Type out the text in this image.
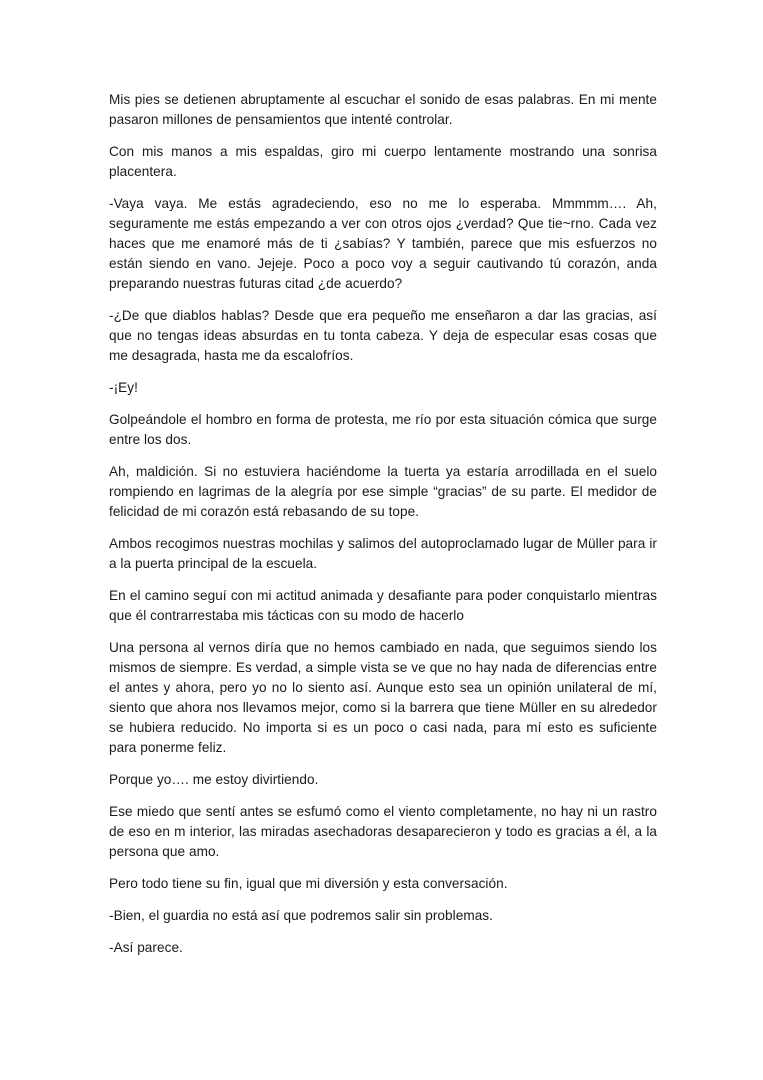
Mis pies se detienen abruptamente al escuchar el sonido de esas palabras. En mi mente pasaron millones de pensamientos que intenté controlar.

Con mis manos a mis espaldas, giro mi cuerpo lentamente mostrando una sonrisa placentera.

-Vaya vaya. Me estás agradeciendo, eso no me lo esperaba. Mmmmm…. Ah, seguramente me estás empezando a ver con otros ojos ¿verdad? Que tie~rno. Cada vez haces que me enamoré más de ti ¿sabías? Y también, parece que mis esfuerzos no están siendo en vano. Jejeje. Poco a poco voy a seguir cautivando tú corazón, anda preparando nuestras futuras citad ¿de acuerdo?

-¿De que diablos hablas? Desde que era pequeño me enseñaron a dar las gracias, así que no tengas ideas absurdas en tu tonta cabeza. Y deja de especular esas cosas que me desagrada, hasta me da escalofríos.

-¡Ey!

Golpeándole el hombro en forma de protesta, me río por esta situación cómica que surge entre los dos.

Ah, maldición. Si no estuviera haciéndome la tuerta ya estaría arrodillada en el suelo rompiendo en lagrimas de la alegría por ese simple “gracias” de su parte. El medidor de felicidad de mi corazón está rebasando de su tope.

Ambos recogimos nuestras mochilas y salimos del autoproclamado lugar de Müller para ir a la puerta principal de la escuela.

En el camino seguí con mi actitud animada y desafiante para poder conquistarlo mientras que él contrarrestaba mis tácticas con su modo de hacerlo

Una persona al vernos diría que no hemos cambiado en nada, que seguimos siendo los mismos de siempre. Es verdad, a simple vista se ve que no hay nada de diferencias entre el antes y ahora, pero yo no lo siento así. Aunque esto sea un opinión unilateral de mí, siento que ahora nos llevamos mejor, como si la barrera que tiene Müller en su alrededor se hubiera reducido. No importa si es un poco o casi nada, para mí esto es suficiente para ponerme feliz.

Porque yo…. me estoy divirtiendo.

Ese miedo que sentí antes se esfumó como el viento completamente, no hay ni un rastro de eso en m interior, las miradas asechadoras desaparecieron y todo es gracias a él, a la persona que amo.

Pero todo tiene su fin, igual que mi diversión y esta conversación.

-Bien, el guardia no está así que podremos salir sin problemas.

-Así parece.
